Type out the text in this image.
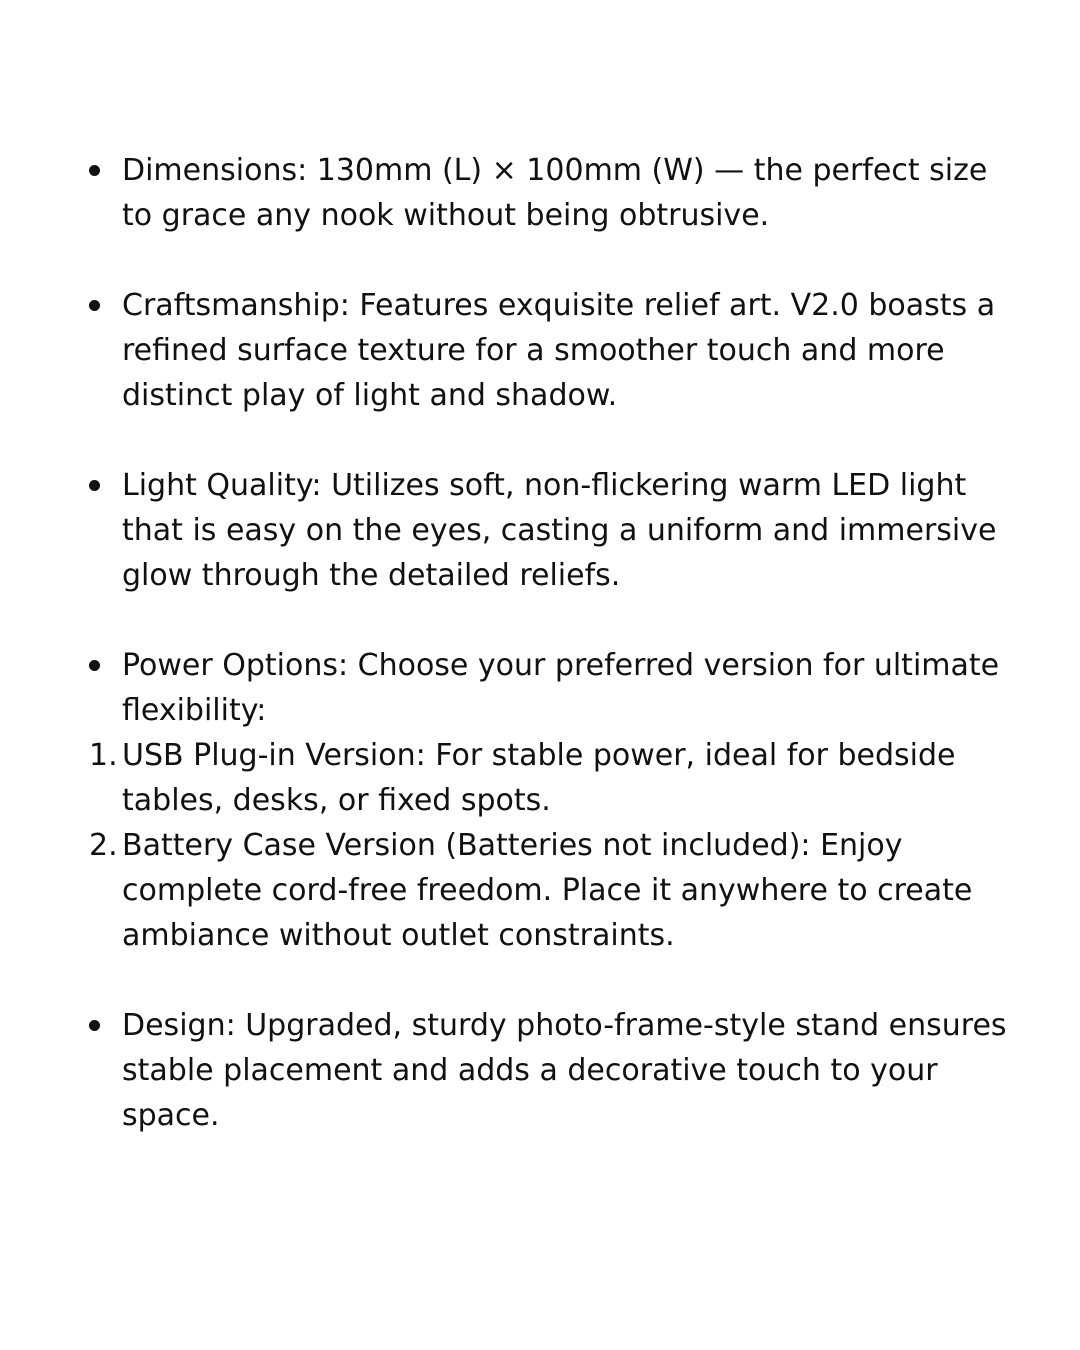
Dimensions: 130mm (L) × 100mm (W) — the perfect size to grace any nook without being obtrusive.
Craftsmanship: Features exquisite relief art. V2.0 boasts a refined surface texture for a smoother touch and more distinct play of light and shadow.
Light Quality: Utilizes soft, non-flickering warm LED light that is easy on the eyes, casting a uniform and immersive glow through the detailed reliefs.
Power Options: Choose your preferred version for ultimate flexibility:
1. USB Plug-in Version: For stable power, ideal for bedside tables, desks, or fixed spots.
2. Battery Case Version (Batteries not included): Enjoy complete cord-free freedom. Place it anywhere to create ambiance without outlet constraints.
Design: Upgraded, sturdy photo-frame-style stand ensures stable placement and adds a decorative touch to your space.
